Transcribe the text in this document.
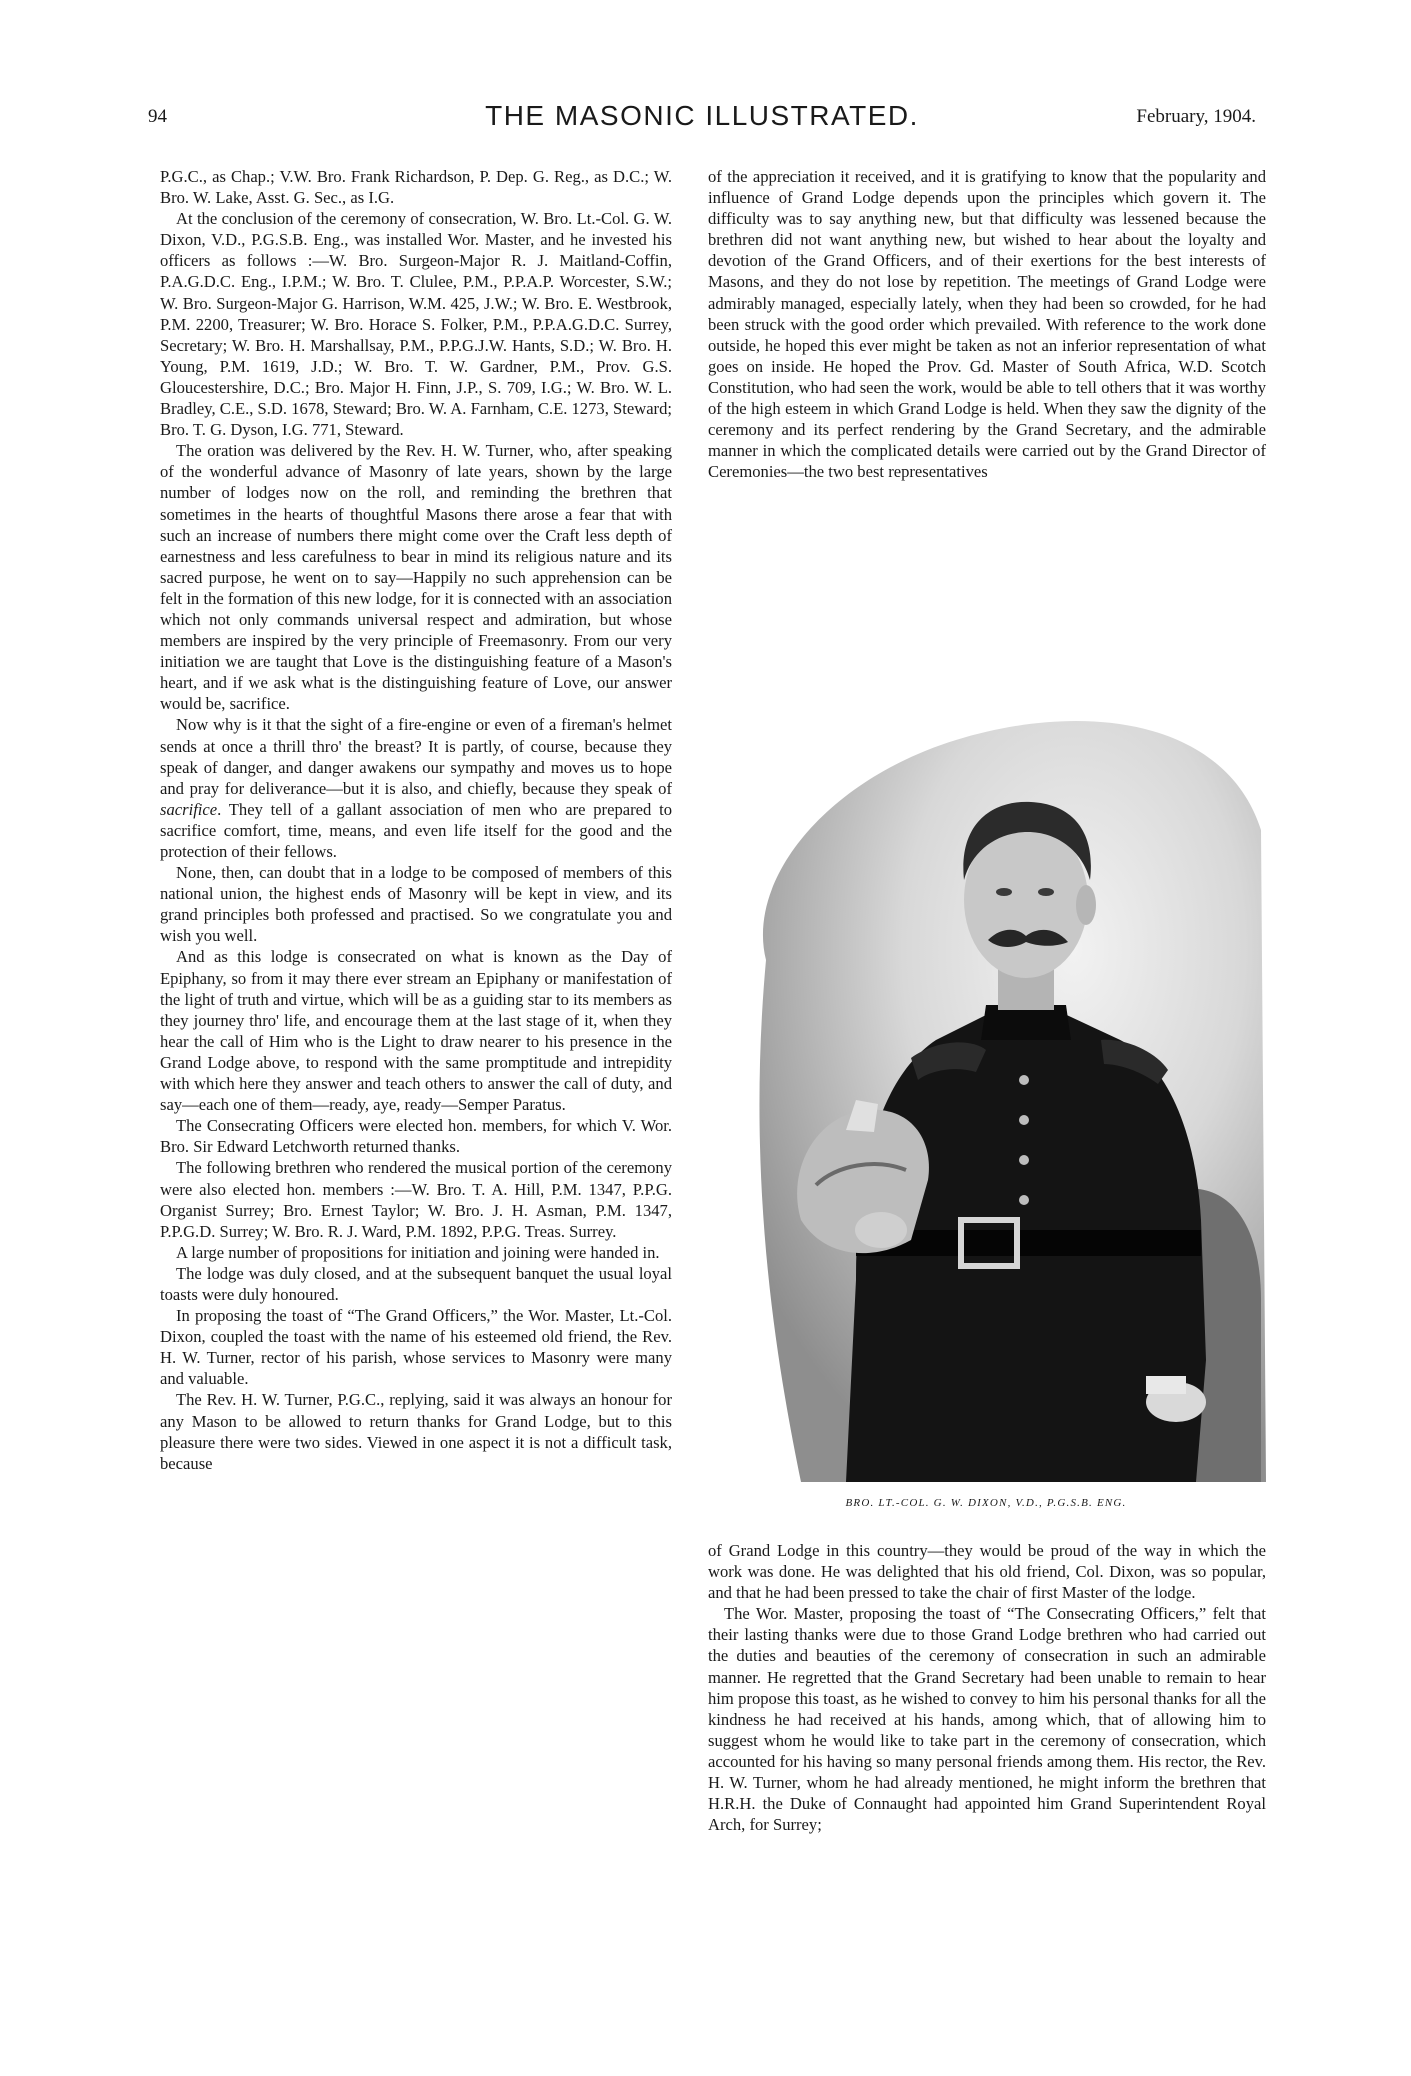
94	THE MASONIC ILLUSTRATED.	February, 1904.

P.G.C., as Chap.; V.W. Bro. Frank Richardson, P. Dep. G. Reg., as D.C.; W. Bro. W. Lake, Asst. G. Sec., as I.G.

At the conclusion of the ceremony of consecration, W. Bro. Lt.-Col. G. W. Dixon, V.D., P.G.S.B. Eng., was installed Wor. Master, and he invested his officers as follows :—W. Bro. Surgeon-Major R. J. Maitland-Coffin, P.A.G.D.C. Eng., I.P.M.; W. Bro. T. Clulee, P.M., P.P.A.P. Worcester, S.W.; W. Bro. Surgeon-Major G. Harrison, W.M. 425, J.W.; W. Bro. E. Westbrook, P.M. 2200, Treasurer; W. Bro. Horace S. Folker, P.M., P.P.A.G.D.C. Surrey, Secretary; W. Bro. H. Marshallsay, P.M., P.P.G.J.W. Hants, S.D.; W. Bro. H. Young, P.M. 1619, J.D.; W. Bro. T. W. Gardner, P.M., Prov. G.S. Gloucestershire, D.C.; Bro. Major H. Finn, J.P., S. 709, I.G.; W. Bro. W. L. Bradley, C.E., S.D. 1678, Steward; Bro. W. A. Farnham, C.E. 1273, Steward; Bro. T. G. Dyson, I.G. 771, Steward.

The oration was delivered by the Rev. H. W. Turner, who, after speaking of the wonderful advance of Masonry of late years, shown by the large number of lodges now on the roll, and reminding the brethren that sometimes in the hearts of thoughtful Masons there arose a fear that with such an increase of numbers there might come over the Craft less depth of earnestness and less carefulness to bear in mind its religious nature and its sacred purpose, he went on to say—Happily no such apprehension can be felt in the formation of this new lodge, for it is connected with an association which not only commands universal respect and admiration, but whose members are inspired by the very principle of Freemasonry. From our very initiation we are taught that Love is the distinguishing feature of a Mason's heart, and if we ask what is the distinguishing feature of Love, our answer would be, sacrifice.

Now why is it that the sight of a fire-engine or even of a fireman's helmet sends at once a thrill thro' the breast? It is partly, of course, because they speak of danger, and danger awakens our sympathy and moves us to hope and pray for deliverance—but it is also, and chiefly, because they speak of sacrifice. They tell of a gallant association of men who are prepared to sacrifice comfort, time, means, and even life itself for the good and the protection of their fellows.

None, then, can doubt that in a lodge to be composed of members of this national union, the highest ends of Masonry will be kept in view, and its grand principles both professed and practised. So we congratulate you and wish you well.

And as this lodge is consecrated on what is known as the Day of Epiphany, so from it may there ever stream an Epiphany or manifestation of the light of truth and virtue, which will be as a guiding star to its members as they journey thro' life, and encourage them at the last stage of it, when they hear the call of Him who is the Light to draw nearer to his presence in the Grand Lodge above, to respond with the same promptitude and intrepidity with which here they answer and teach others to answer the call of duty, and say—each one of them—ready, aye, ready—Semper Paratus.

The Consecrating Officers were elected hon. members, for which V. Wor. Bro. Sir Edward Letchworth returned thanks.

The following brethren who rendered the musical portion of the ceremony were also elected hon. members :—W. Bro. T. A. Hill, P.M. 1347, P.P.G. Organist Surrey; Bro. Ernest Taylor; W. Bro. J. H. Asman, P.M. 1347, P.P.G.D. Surrey; W. Bro. R. J. Ward, P.M. 1892, P.P.G. Treas. Surrey.

A large number of propositions for initiation and joining were handed in.

The lodge was duly closed, and at the subsequent banquet the usual loyal toasts were duly honoured.

In proposing the toast of “The Grand Officers,” the Wor. Master, Lt.-Col. Dixon, coupled the toast with the name of his esteemed old friend, the Rev. H. W. Turner, rector of his parish, whose services to Masonry were many and valuable.

The Rev. H. W. Turner, P.G.C., replying, said it was always an honour for any Mason to be allowed to return thanks for Grand Lodge, but to this pleasure there were two sides. Viewed in one aspect it is not a difficult task, because

of the appreciation it received, and it is gratifying to know that the popularity and influence of Grand Lodge depends upon the principles which govern it. The difficulty was to say anything new, but that difficulty was lessened because the brethren did not want anything new, but wished to hear about the loyalty and devotion of the Grand Officers, and of their exertions for the best interests of Masons, and they do not lose by repetition. The meetings of Grand Lodge were admirably managed, especially lately, when they had been so crowded, for he had been struck with the good order which prevailed. With reference to the work done outside, he hoped this ever might be taken as not an inferior representation of what goes on inside. He hoped the Prov. Gd. Master of South Africa, W.D. Scotch Constitution, who had seen the work, would be able to tell others that it was worthy of the high esteem in which Grand Lodge is held. When they saw the dignity of the ceremony and its perfect rendering by the Grand Secretary, and the admirable manner in which the complicated details were carried out by the Grand Director of Ceremonies—the two best representatives

Dean Eng Co.
BRO. LT.-COL. G. W. DIXON, V.D., P.G.S.B. ENG.

of Grand Lodge in this country—they would be proud of the way in which the work was done. He was delighted that his old friend, Col. Dixon, was so popular, and that he had been pressed to take the chair of first Master of the lodge.

The Wor. Master, proposing the toast of “The Consecrating Officers,” felt that their lasting thanks were due to those Grand Lodge brethren who had carried out the duties and beauties of the ceremony of consecration in such an admirable manner. He regretted that the Grand Secretary had been unable to remain to hear him propose this toast, as he wished to convey to him his personal thanks for all the kindness he had received at his hands, among which, that of allowing him to suggest whom he would like to take part in the ceremony of consecration, which accounted for his having so many personal friends among them. His rector, the Rev. H. W. Turner, whom he had already mentioned, he might inform the brethren that H.R.H. the Duke of Connaught had appointed him Grand Superintendent Royal Arch, for Surrey;
